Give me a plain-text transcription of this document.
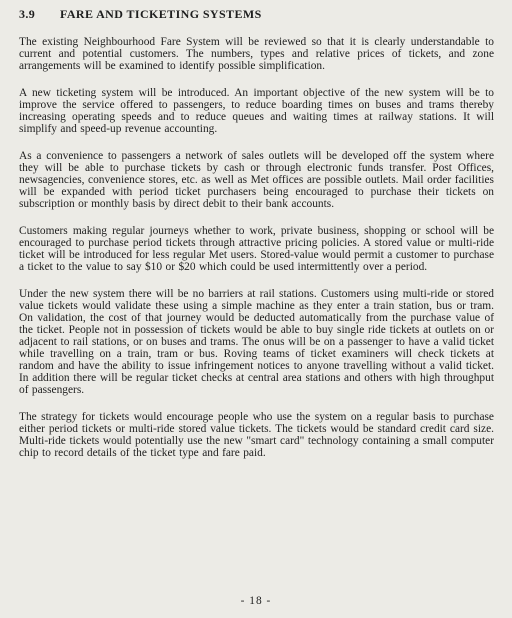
3.9	FARE AND TICKETING SYSTEMS

The existing Neighbourhood Fare System will be reviewed so that it is clearly understandable to current and potential customers. The numbers, types and relative prices of tickets, and zone arrangements will be examined to identify possible simplification.

A new ticketing system will be introduced. An important objective of the new system will be to improve the service offered to passengers, to reduce boarding times on buses and trams thereby increasing operating speeds and to reduce queues and waiting times at railway stations. It will simplify and speed-up revenue accounting.

As a convenience to passengers a network of sales outlets will be developed off the system where they will be able to purchase tickets by cash or through electronic funds transfer. Post Offices, newsagencies, convenience stores, etc. as well as Met offices are possible outlets. Mail order facilities will be expanded with period ticket purchasers being encouraged to purchase their tickets on subscription or monthly basis by direct debit to their bank accounts.

Customers making regular journeys whether to work, private business, shopping or school will be encouraged to purchase period tickets through attractive pricing policies. A stored value or multi-ride ticket will be introduced for less regular Met users. Stored-value would permit a customer to purchase a ticket to the value to say $10 or $20 which could be used intermittently over a period.

Under the new system there will be no barriers at rail stations. Customers using multi-ride or stored value tickets would validate these using a simple machine as they enter a train station, bus or tram. On validation, the cost of that journey would be deducted automatically from the purchase value of the ticket. People not in possession of tickets would be able to buy single ride tickets at outlets on or adjacent to rail stations, or on buses and trams. The onus will be on a passenger to have a valid ticket while travelling on a train, tram or bus. Roving teams of ticket examiners will check tickets at random and have the ability to issue infringement notices to anyone travelling without a valid ticket. In addition there will be regular ticket checks at central area stations and others with high throughput of passengers.

The strategy for tickets would encourage people who use the system on a regular basis to purchase either period tickets or multi-ride stored value tickets. The tickets would be standard credit card size. Multi-ride tickets would potentially use the new "smart card" technology containing a small computer chip to record details of the ticket type and fare paid.

- 18 -
